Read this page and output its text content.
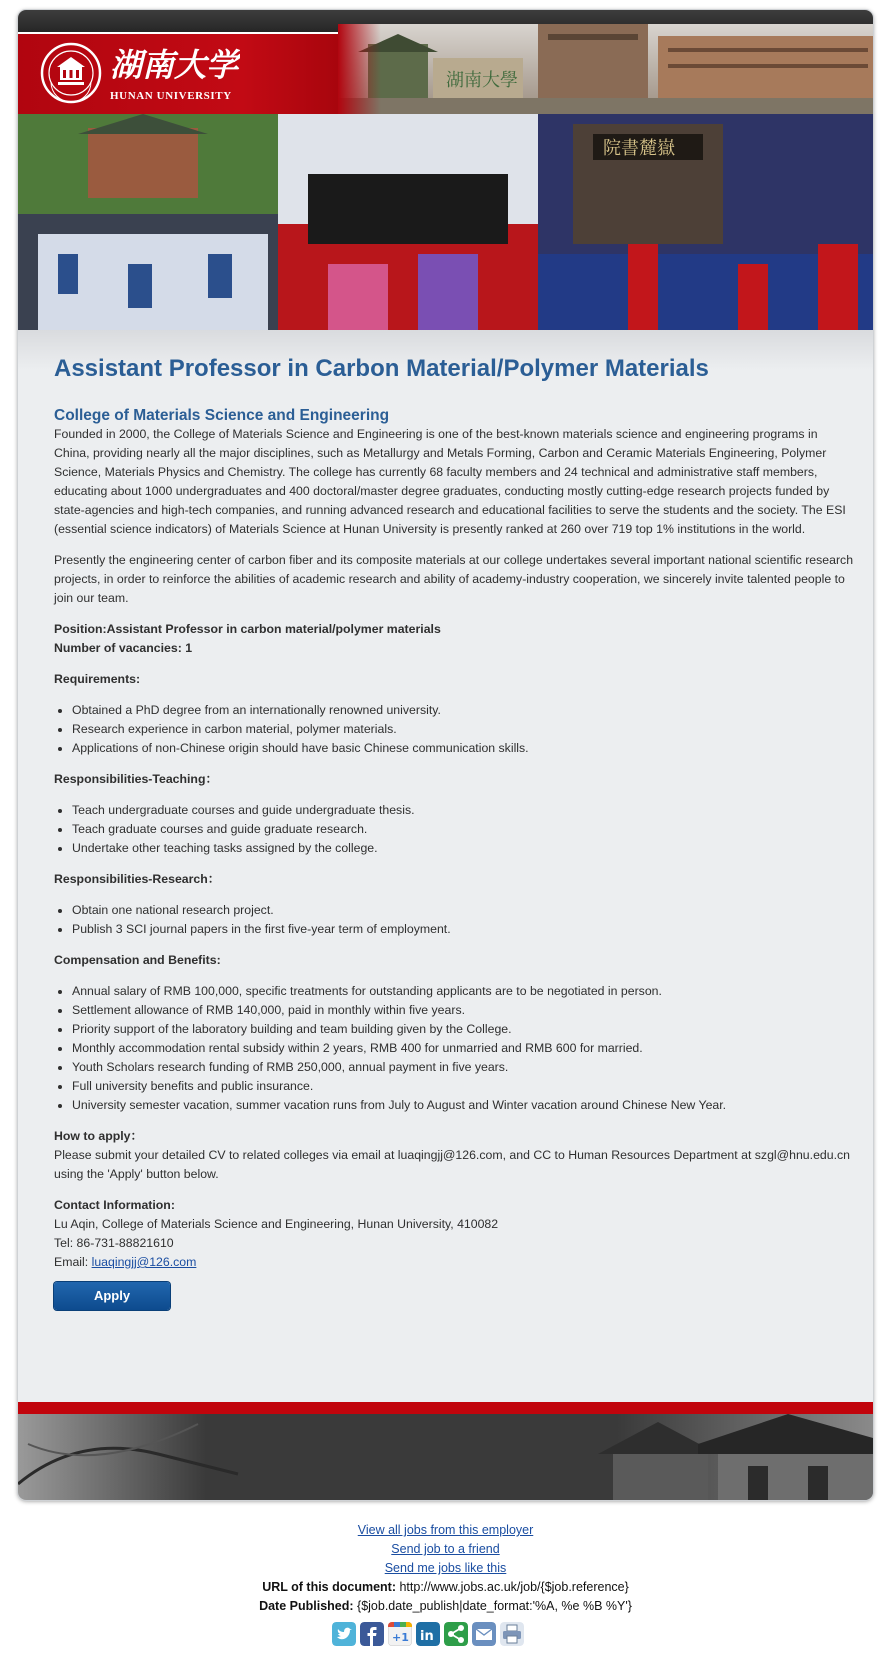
湖南大学
HUNAN UNIVERSITY
院書麓嶽
Assistant Professor in Carbon Material/Polymer Materials
College of Materials Science and Engineering

Founded in 2000, the College of Materials Science and Engineering is one of the best-known materials science and engineering programs in China, providing nearly all the major disciplines, such as Metallurgy and Metals Forming, Carbon and Ceramic Materials Engineering, Polymer Science, Materials Physics and Chemistry. The college has currently 68 faculty members and 24 technical and administrative staff members, educating about 1000 undergraduates and 400 doctoral/master degree graduates, conducting mostly cutting-edge research projects funded by state-agencies and high-tech companies, and running advanced research and educational facilities to serve the students and the society. The ESI (essential science indicators) of Materials Science at Hunan University is presently ranked at 260 over 719 top 1% institutions in the world.

Presently the engineering center of carbon fiber and its composite materials at our college undertakes several important national scientific research projects, in order to reinforce the abilities of academic research and ability of academy-industry cooperation, we sincerely invite talented people to join our team.

Position:Assistant Professor in carbon material/polymer materials

Number of vacancies: 1

Requirements:

• Obtained a PhD degree from an internationally renowned university.
• Research experience in carbon material, polymer materials.
• Applications of non-Chinese origin should have basic Chinese communication skills.

Responsibilities-Teaching：

• Teach undergraduate courses and guide undergraduate thesis.
• Teach graduate courses and guide graduate research.
• Undertake other teaching tasks assigned by the college.

Responsibilities-Research：

• Obtain one national research project.
• Publish 3 SCI journal papers in the first five-year term of employment.

Compensation and Benefits:

• Annual salary of RMB 100,000, specific treatments for outstanding applicants are to be negotiated in person.
• Settlement allowance of RMB 140,000, paid in monthly within five years.
• Priority support of the laboratory building and team building given by the College.
• Monthly accommodation rental subsidy within 2 years, RMB 400 for unmarried and RMB 600 for married.
• Youth Scholars research funding of RMB 250,000, annual payment in five years.
• Full university benefits and public insurance.
• University semester vacation, summer vacation runs from July to August and Winter vacation around Chinese New Year.

How to apply：

Please submit your detailed CV to related colleges via email at luaqingjj@126.com, and CC to Human Resources Department at szgl@hnu.edu.cn using the 'Apply' button below.

Contact Information:

Lu Aqin, College of Materials Science and Engineering, Hunan University, 410082
Tel: 86-731-88821610
Email: luaqingjj@126.com
Apply
View all jobs from this employer
Send job to a friend
Send me jobs like this
URL of this document: http://www.jobs.ac.uk/job/{$job.reference}
Date Published: {$job.date_publish|date_format:'%A, %e %B %Y'}
+1 in
